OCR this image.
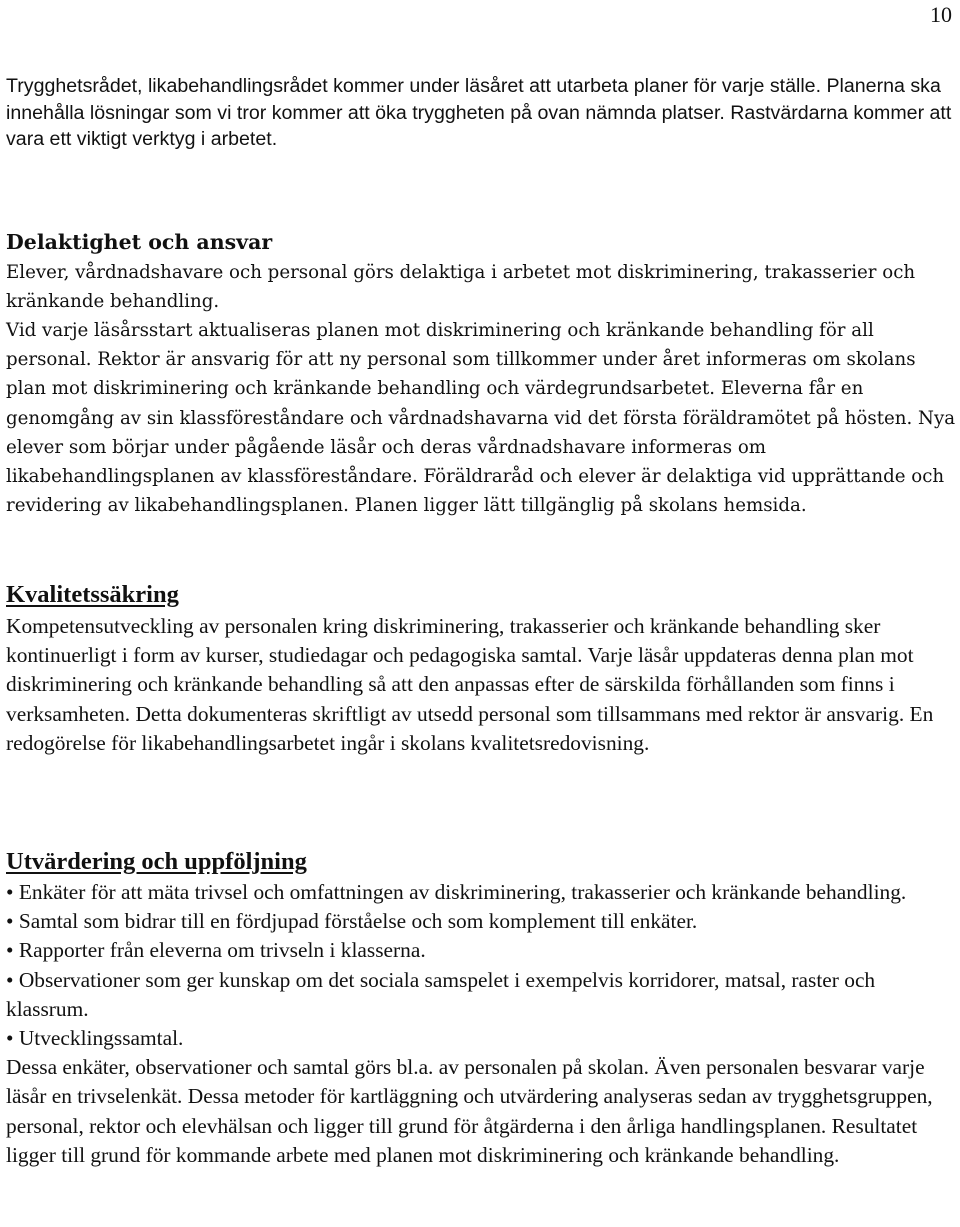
10

Trygghetsrådet, likabehandlingsrådet kommer under läsåret att utarbeta planer för varje ställe. Planerna ska innehålla lösningar som vi tror kommer att öka tryggheten på ovan nämnda platser. Rastvärdarna kommer att vara ett viktigt verktyg i arbetet.

Delaktighet och ansvar

Elever, vårdnadshavare och personal görs delaktiga i arbetet mot diskriminering, trakasserier och kränkande behandling.

Vid varje läsårsstart aktualiseras planen mot diskriminering och kränkande behandling för all personal. Rektor är ansvarig för att ny personal som tillkommer under året informeras om skolans plan mot diskriminering och kränkande behandling och värdegrundsarbetet. Eleverna får en genomgång av sin klassföreståndare och vårdnadshavarna vid det första föräldramötet på hösten. Nya elever som börjar under pågående läsår och deras vårdnadshavare informeras om likabehandlingsplanen av klassföreståndare. Föräldraråd och elever är delaktiga vid upprättande och revidering av likabehandlingsplanen. Planen ligger lätt tillgänglig på skolans hemsida.

Kvalitetssäkring

Kompetensutveckling av personalen kring diskriminering, trakasserier och kränkande behandling sker kontinuerligt i form av kurser, studiedagar och pedagogiska samtal. Varje läsår uppdateras denna plan mot diskriminering och kränkande behandling så att den anpassas efter de särskilda förhållanden som finns i verksamheten. Detta dokumenteras skriftligt av utsedd personal som tillsammans med rektor är ansvarig. En redogörelse för likabehandlingsarbetet ingår i skolans kvalitetsredovisning.

Utvärdering och uppföljning
• Enkäter för att mäta trivsel och omfattningen av diskriminering, trakasserier och kränkande behandling.
• Samtal som bidrar till en fördjupad förståelse och som komplement till enkäter.
• Rapporter från eleverna om trivseln i klasserna.
• Observationer som ger kunskap om det sociala samspelet i exempelvis korridorer, matsal, raster och klassrum.
• Utvecklingssamtal.
Dessa enkäter, observationer och samtal görs bl.a. av personalen på skolan. Även personalen besvarar varje läsår en trivselenkät. Dessa metoder för kartläggning och utvärdering analyseras sedan av trygghetsgruppen, personal, rektor och elevhälsan och ligger till grund för åtgärderna i den årliga handlingsplanen. Resultatet ligger till grund för kommande arbete med planen mot diskriminering och kränkande behandling.
